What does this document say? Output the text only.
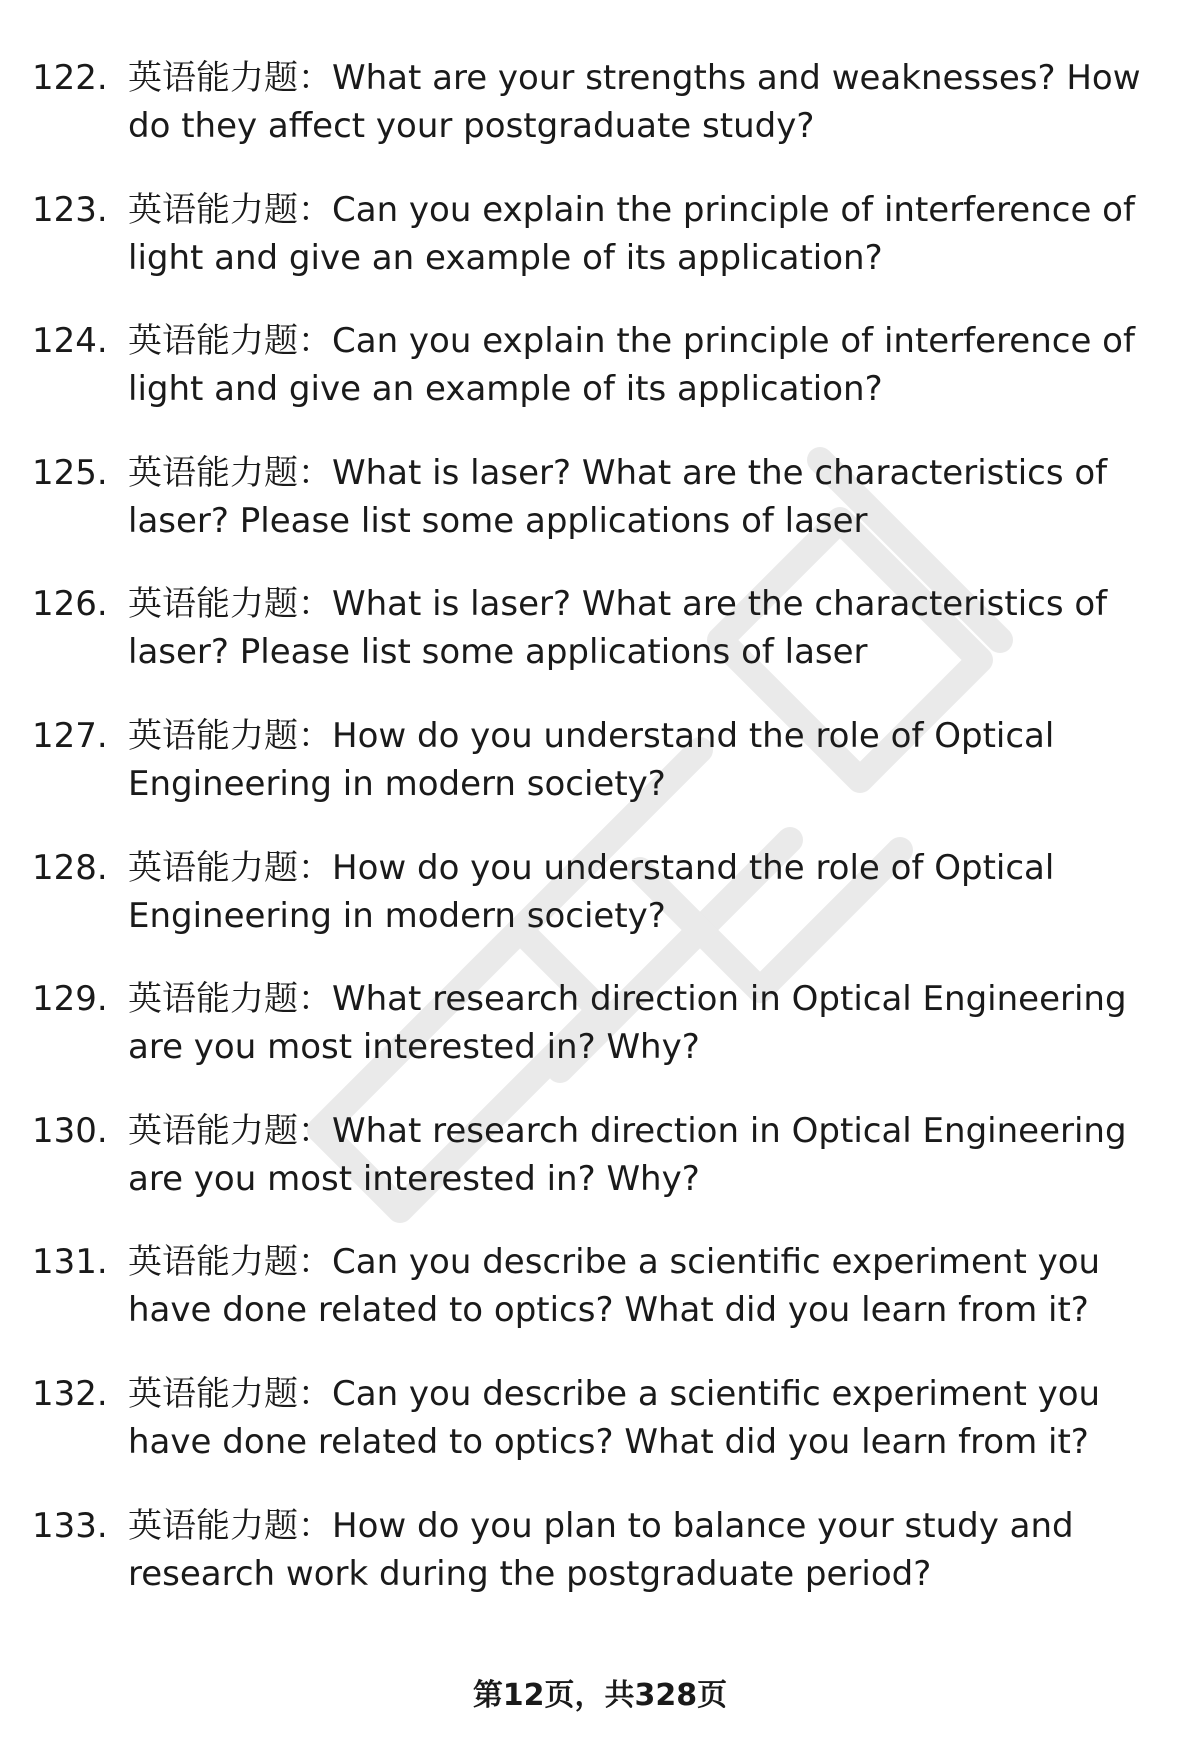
122. 英语能力题：What are your strengths and weaknesses? How do they affect your postgraduate study?
123. 英语能力题：Can you explain the principle of interference of light and give an example of its application?
124. 英语能力题：Can you explain the principle of interference of light and give an example of its application?
125. 英语能力题：What is laser? What are the characteristics of laser? Please list some applications of laser
126. 英语能力题：What is laser? What are the characteristics of laser? Please list some applications of laser
127. 英语能力题：How do you understand the role of Optical Engineering in modern society?
128. 英语能力题：How do you understand the role of Optical Engineering in modern society?
129. 英语能力题：What research direction in Optical Engineering are you most interested in? Why?
130. 英语能力题：What research direction in Optical Engineering are you most interested in? Why?
131. 英语能力题：Can you describe a scientific experiment you have done related to optics? What did you learn from it?
132. 英语能力题：Can you describe a scientific experiment you have done related to optics? What did you learn from it?
133. 英语能力题：How do you plan to balance your study and research work during the postgraduate period?
第12页，共328页
